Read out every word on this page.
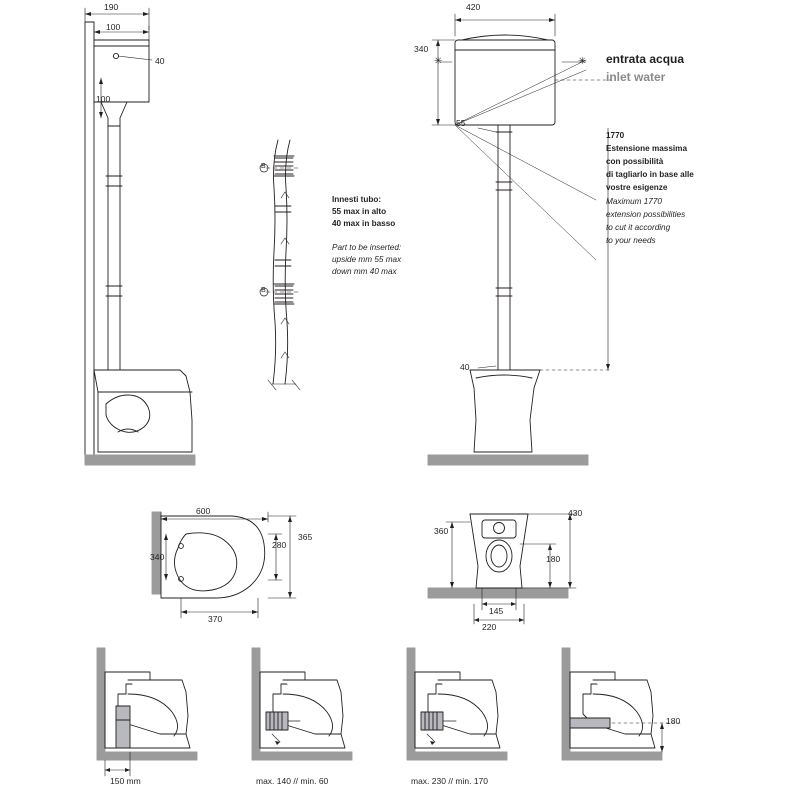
190
100
40
100
B
B
Innesti tubo:
55 max in alto
40 max in basso
Part to be inserted:
upside mm 55 max
down mm 40 max
420
340
55
40
✳	✳ entrata acqua
inlet water
1770
Estensione massima
con possibilità
di tagliarlo in base alle
vostre esigenze
Maximum 1770
extension possibilities
to cut it according
to your needs
600
365
280
340
370
430
360
180
145
220
150 mm	max. 140 // min. 60	max. 230 // min. 170
180
